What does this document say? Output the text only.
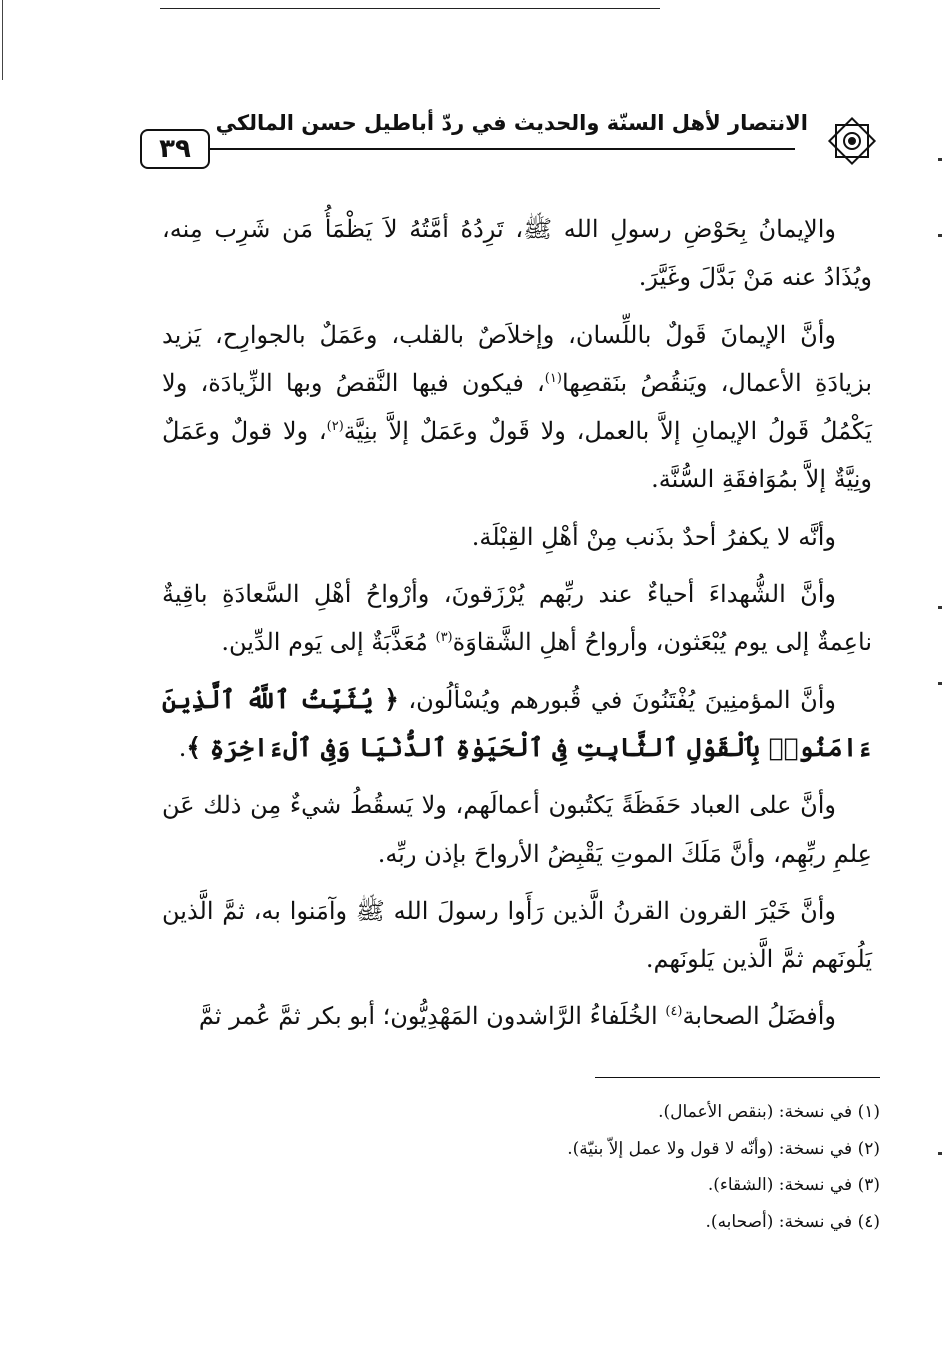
٣٩
الانتصار لأهل السنّة والحديث في ردّ أباطيل حسن المالكي

والإيمانُ بِحَوْضِ رسولِ الله ﷺ، تَرِدُهُ أمَّتُهُ لاَ يَظْمَأُ مَن شَرِب مِنه، ويُذَادُ عنه مَنْ بَدَّلَ وغَيَّرَ.

وأنَّ الإيمانَ قَولٌ باللِّسان، وإخلاَصٌ بالقلب، وعَمَلٌ بالجوارِح، يَزيد بزيادَةِ الأعمال، ويَنقُصُ بنَقصِها$^{(١)}$، فيكون فيها النَّقصُ وبها الزِّيادَة، ولا يَكْمُلُ قَولُ الإيمانِ إلاَّ بالعمل، ولا قَولٌ وعَمَلٌ إلاَّ بنِيَّة$^{(٢)}$، ولا قولٌ وعَمَلٌ ونِيَّةٌ إلاَّ بمُوَافقَةِ السُّنَّة.

وأنَّه لا يكفرُ أحدٌ بذَنب مِنْ أهْلِ القِبْلَة.

وأنَّ الشُّهداءَ أحياءٌ عند ربِّهم يُرْزَقونَ، وأرْواحُ أهْلِ السَّعادَةِ باقِيةٌ ناعِمةٌ إلى يوم يُبْعَثون، وأرواحُ أهلِ الشَّقاوَة$^{(٣)}$ مُعَذَّبَةٌ إلى يَوم الدِّين.

وأنَّ المؤمنِينَ يُفْتَنُونَ في قُبورهم ويُسْألُون، ﴿ يُثَبِّتُ ٱللَّهُ ٱلَّذِينَ ءَامَنُوا۟ بِٱلْقَوْلِ ٱلثَّابِتِ فِى ٱلْحَيَوٰةِ ٱلدُّنْيَا وَفِى ٱلْءَاخِرَةِ ﴾.

وأنَّ على العباد حَفَظَةً يَكتُبون أعمالَهم، ولا يَسقُطُ شيءٌ مِن ذلك عَن عِلمِ ربِّهِم، وأنَّ مَلَكَ الموتِ يَقْبِضُ الأرواحَ بإذن ربِّه.

وأنَّ خَيْرَ القرون القرنُ الَّذين رَأَوا رسولَ الله ﷺ وآمَنوا به، ثمَّ الَّذين يَلُونَهم ثمَّ الَّذين يَلونَهم.

وأفضَلُ الصحابة$^{(٤)}$ الخُلَفاءُ الرَّاشدون المَهْدِيُّون؛ أبو بكر ثمَّ عُمر ثمَّ

(١) في نسخة: (بنقص الأعمال).

(٢) في نسخة: (وأنّه لا قول ولا عمل إلاّ بنيّة).

(٣) في نسخة: (الشقاء).

(٤) في نسخة: (أصحابه).
